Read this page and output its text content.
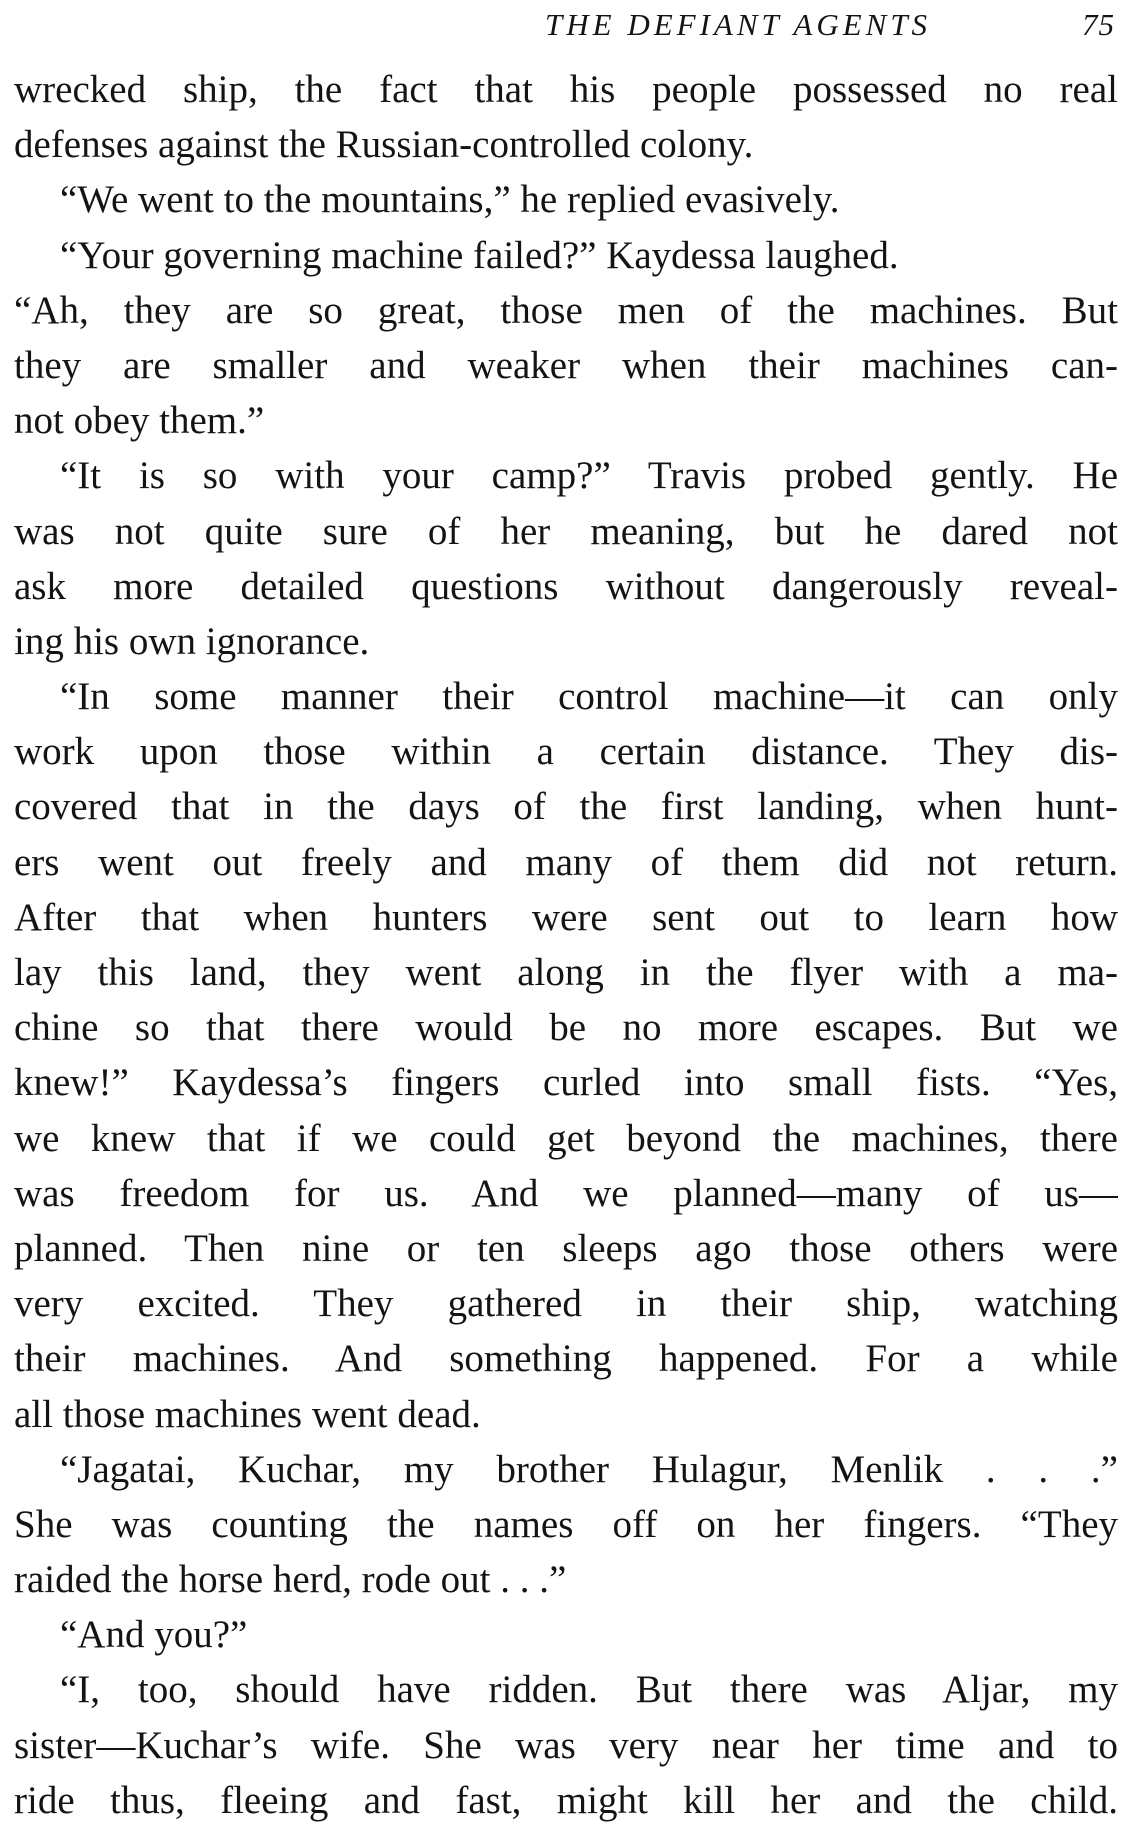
THE DEFIANT AGENTS	75
wrecked ship, the fact that his people possessed no real
defenses against the Russian-controlled colony.
“We went to the mountains,” he replied evasively.
“Your governing machine failed?” Kaydessa laughed.
“Ah, they are so great, those men of the machines. But
they are smaller and weaker when their machines can-
not obey them.”
“It is so with your camp?” Travis probed gently. He
was not quite sure of her meaning, but he dared not
ask more detailed questions without dangerously reveal-
ing his own ignorance.
“In some manner their control machine—it can only
work upon those within a certain distance. They dis-
covered that in the days of the first landing, when hunt-
ers went out freely and many of them did not return.
After that when hunters were sent out to learn how
lay this land, they went along in the flyer with a ma-
chine so that there would be no more escapes. But we
knew!” Kaydessa’s fingers curled into small fists. “Yes,
we knew that if we could get beyond the machines, there
was freedom for us. And we planned—many of us—
planned. Then nine or ten sleeps ago those others were
very excited. They gathered in their ship, watching
their machines. And something happened. For a while
all those machines went dead.
“Jagatai, Kuchar, my brother Hulagur, Menlik . . .”
She was counting the names off on her fingers. “They
raided the horse herd, rode out . . .”
“And you?”
“I, too, should have ridden. But there was Aljar, my
sister—Kuchar’s wife. She was very near her time and to
ride thus, fleeing and fast, might kill her and the child.
